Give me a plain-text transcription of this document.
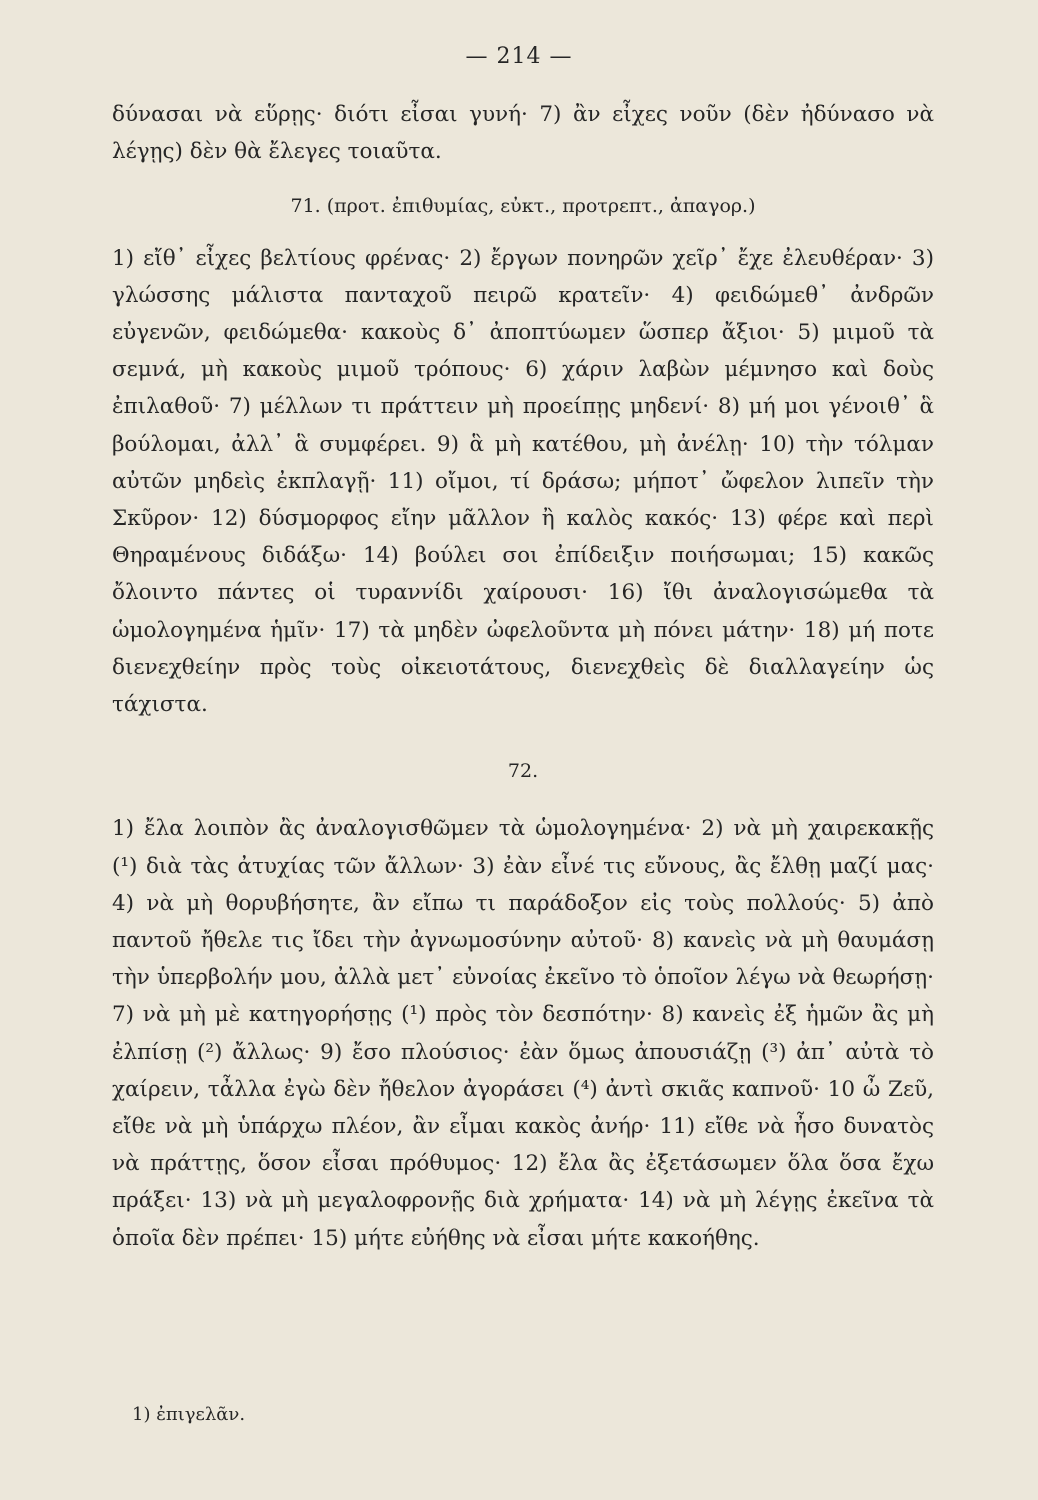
— 214 —

δύνασαι νὰ εὕρῃς· διότι εἶσαι γυνή· 7) ἂν εἶχες νοῦν (δὲν ἠδύνασο νὰ λέγῃς) δὲν θὰ ἔλεγες τοιαῦτα.

71. (προτ. ἐπιθυμίας, εὐκτ., προτρεπτ., ἀπαγορ.)

1) εἴθ᾽ εἶχες βελτίους φρένας· 2) ἔργων πονηρῶν χεῖρ᾽ ἔχε ἐλευθέραν· 3) γλώσσης μάλιστα πανταχοῦ πειρῶ κρατεῖν· 4) φειδώμεθ᾽ ἀνδρῶν εὐγενῶν, φειδώμεθα· κακοὺς δ᾽ ἀποπτύωμεν ὥσπερ ἄξιοι· 5) μιμοῦ τὰ σεμνά, μὴ κακοὺς μιμοῦ τρόπους· 6) χάριν λαβὼν μέμνησο καὶ δοὺς ἐπιλαθοῦ· 7) μέλλων τι πράττειν μὴ προείπῃς μηδενί· 8) μή μοι γένοιθ᾽ ἃ βούλομαι, ἀλλ᾽ ἃ συμφέρει. 9) ἃ μὴ κατέθου, μὴ ἀνέλῃ· 10) τὴν τόλμαν αὐτῶν μηδεὶς ἐκπλαγῇ· 11) οἴμοι, τί δράσω; μήποτ᾽ ὤφελον λιπεῖν τὴν Σκῦρον· 12) δύσμορφος εἴην μᾶλλον ἢ καλὸς κακός· 13) φέρε καὶ περὶ Θηραμένους διδάξω· 14) βούλει σοι ἐπίδειξιν ποιήσωμαι; 15) κακῶς ὄλοιντο πάντες οἱ τυραννίδι χαίρουσι· 16) ἴθι ἀναλογισώμεθα τὰ ὡμολογημένα ἡμῖν· 17) τὰ μηδὲν ὠφελοῦντα μὴ πόνει μάτην· 18) μή ποτε διενεχθείην πρὸς τοὺς οἰκειοτάτους, διενεχθεὶς δὲ διαλλαγείην ὡς τάχιστα.

72.

1) ἔλα λοιπὸν ἂς ἀναλογισθῶμεν τὰ ὡμολογημένα· 2) νὰ μὴ χαιρεκακῇς (¹) διὰ τὰς ἀτυχίας τῶν ἄλλων· 3) ἐὰν εἶνέ τις εὔνους, ἂς ἔλθῃ μαζί μας· 4) νὰ μὴ θορυβήσητε, ἂν εἴπω τι παράδοξον εἰς τοὺς πολλούς· 5) ἀπὸ παντοῦ ἤθελε τις ἴδει τὴν ἀγνωμοσύνην αὐτοῦ· 8) κανεὶς νὰ μὴ θαυμάσῃ τὴν ὑπερβολήν μου, ἀλλὰ μετ᾽ εὐνοίας ἐκεῖνο τὸ ὁποῖον λέγω νὰ θεωρήσῃ· 7) νὰ μὴ μὲ κατηγορήσῃς (¹) πρὸς τὸν δεσπότην· 8) κανεὶς ἐξ ἡμῶν ἂς μὴ ἐλπίσῃ (²) ἄλλως· 9) ἔσο πλούσιος· ἐὰν ὅμως ἀπουσιάζῃ (³) ἀπ᾽ αὐτὰ τὸ χαίρειν, τἆλλα ἐγὼ δὲν ἤθελον ἀγοράσει (⁴) ἀντὶ σκιᾶς καπνοῦ· 10 ὦ Ζεῦ, εἴθε νὰ μὴ ὑπάρχω πλέον, ἂν εἶμαι κακὸς ἀνήρ· 11) εἴθε νὰ ἦσο δυνατὸς νὰ πράττῃς, ὅσον εἶσαι πρόθυμος· 12) ἔλα ἂς ἐξετάσωμεν ὅλα ὅσα ἔχω πράξει· 13) νὰ μὴ μεγαλοφρονῇς διὰ χρήματα· 14) νὰ μὴ λέγῃς ἐκεῖνα τὰ ὁποῖα δὲν πρέπει· 15) μήτε εὐήθης νὰ εἶσαι μήτε κακοήθης.

1) ἐπιγελᾶν.
